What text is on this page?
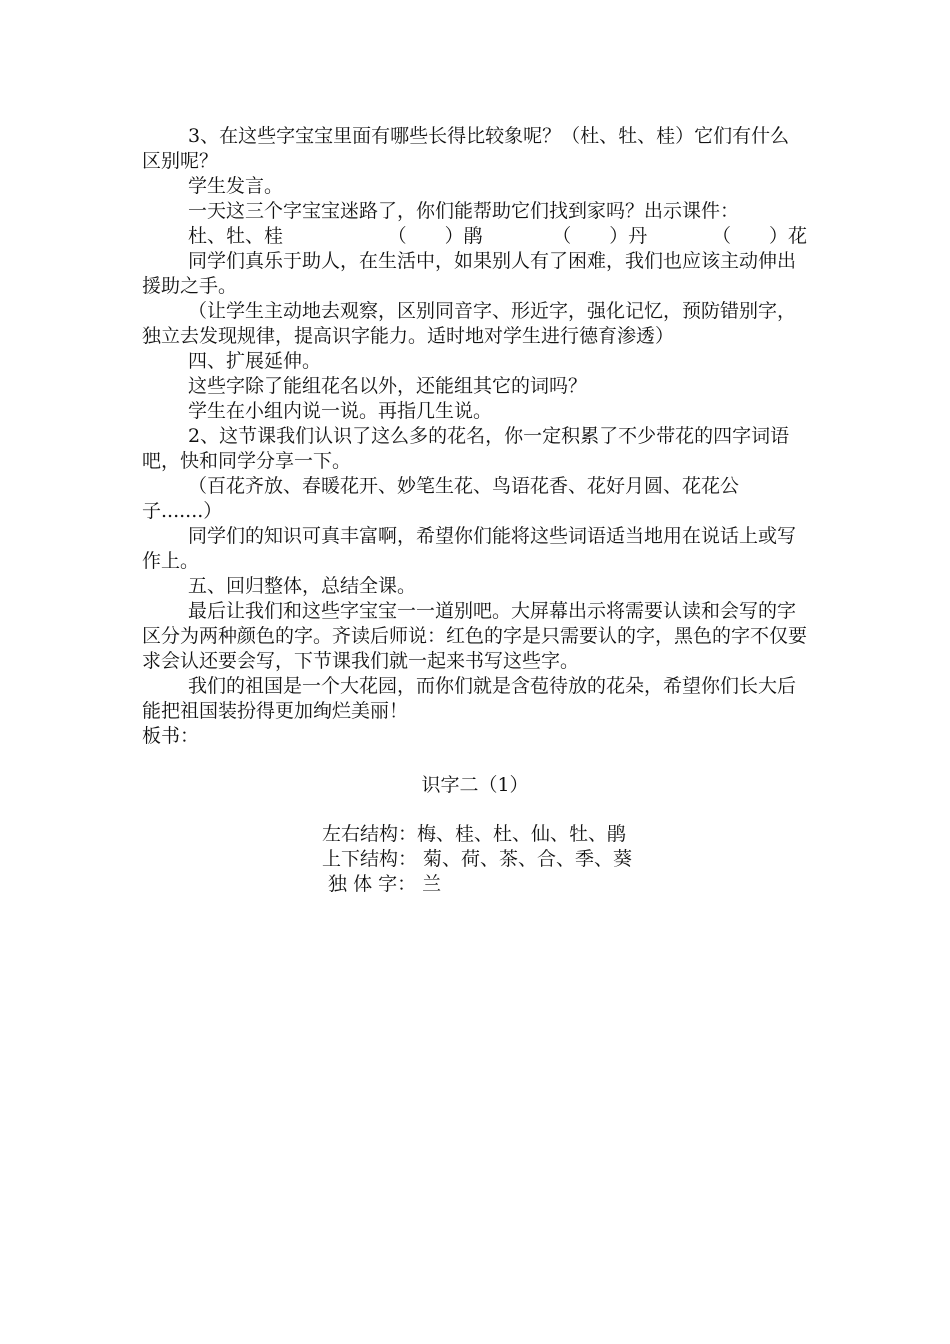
3、在这些字宝宝里面有哪些长得比较象呢？（杜、牡、桂）它们有什么区别呢？

学生发言。

一天这三个字宝宝迷路了，你们能帮助它们找到家吗？出示课件：

杜、牡、桂	（　　）鹃	（　　）丹	（　　）花

同学们真乐于助人，在生活中，如果别人有了困难，我们也应该主动伸出援助之手。

（让学生主动地去观察，区别同音字、形近字，强化记忆，预防错别字，独立去发现规律，提高识字能力。适时地对学生进行德育渗透）

四、扩展延伸。

这些字除了能组花名以外，还能组其它的词吗？

学生在小组内说一说。再指几生说。

2、这节课我们认识了这么多的花名，你一定积累了不少带花的四字词语吧，快和同学分享一下。

（百花齐放、春暖花开、妙笔生花、鸟语花香、花好月圆、花花公子.......）

同学们的知识可真丰富啊，希望你们能将这些词语适当地用在说话上或写作上。

五、回归整体，总结全课。

最后让我们和这些字宝宝一一道别吧。大屏幕出示将需要认读和会写的字区分为两种颜色的字。齐读后师说：红色的字是只需要认的字，黑色的字不仅要求会认还要会写，下节课我们就一起来书写这些字。

我们的祖国是一个大花园，而你们就是含苞待放的花朵，希望你们长大后能把祖国装扮得更加绚烂美丽！

板书：

识字二（1）

左右结构：梅、桂、杜、仙、牡、鹃

上下结构： 菊、荷、茶、合、季、葵

独 体 字： 兰
